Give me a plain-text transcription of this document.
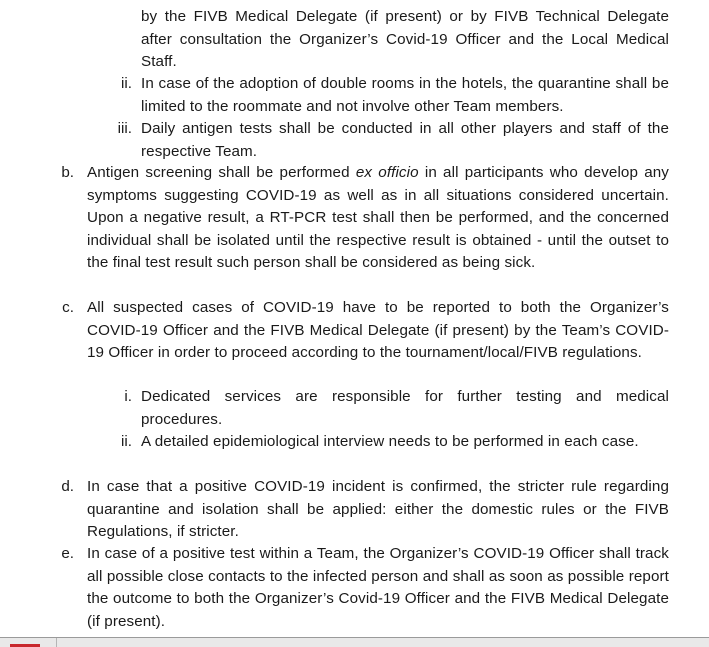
by the FIVB Medical Delegate (if present) or by FIVB Technical Delegate after consultation the Organizer’s Covid-19 Officer and the Local Medical Staff.
ii. In case of the adoption of double rooms in the hotels, the quarantine shall be limited to the roommate and not involve other Team members.
iii. Daily antigen tests shall be conducted in all other players and staff of the respective Team.
b. Antigen screening shall be performed ex officio in all participants who develop any symptoms suggesting COVID-19 as well as in all situations considered uncertain. Upon a negative result, a RT-PCR test shall then be performed, and the concerned individual shall be isolated until the respective result is obtained - until the outset to the final test result such person shall be considered as being sick.
c. All suspected cases of COVID-19 have to be reported to both the Organizer’s COVID-19 Officer and the FIVB Medical Delegate (if present) by the Team’s COVID-19 Officer in order to proceed according to the tournament/local/FIVB regulations.
i. Dedicated services are responsible for further testing and medical procedures.
ii. A detailed epidemiological interview needs to be performed in each case.
d. In case that a positive COVID-19 incident is confirmed, the stricter rule regarding quarantine and isolation shall be applied: either the domestic rules or the FIVB Regulations, if stricter.
e. In case of a positive test within a Team, the Organizer’s COVID-19 Officer shall track all possible close contacts to the infected person and shall as soon as possible report the outcome to both the Organizer’s Covid-19 Officer and the FIVB Medical Delegate (if present).
